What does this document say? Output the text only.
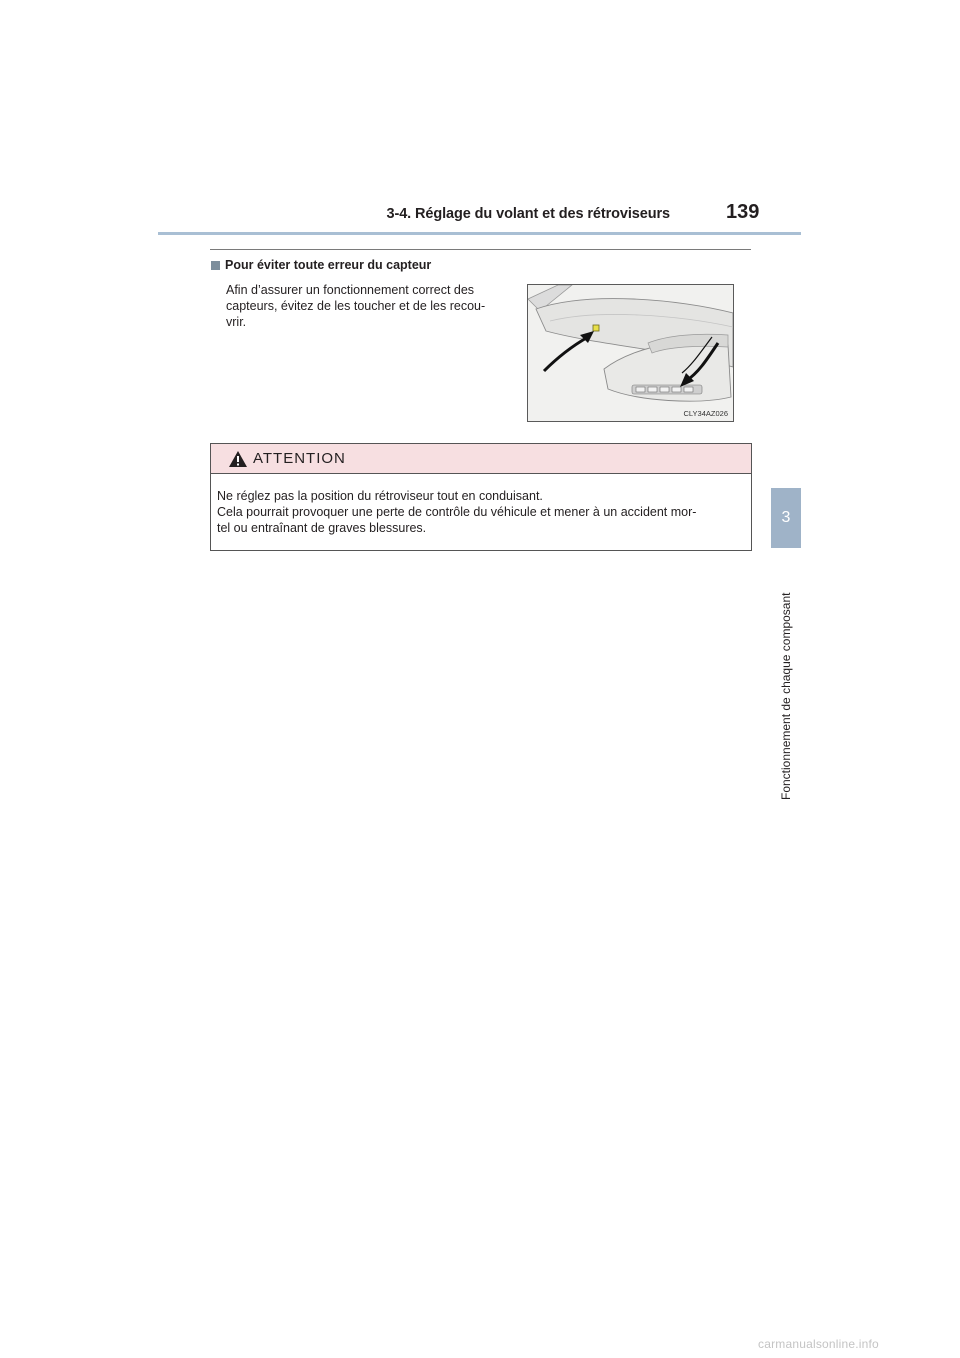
3-4. Réglage du volant et des rétroviseurs	139
3
Fonctionnement de chaque composant
Pour éviter toute erreur du capteur
Afin d’assurer un fonctionnement correct des
capteurs, évitez de les toucher et de les recou-
vrir.
CLY34AZ026
ATTENTION
Ne réglez pas la position du rétroviseur tout en conduisant.
Cela pourrait provoquer une perte de contrôle du véhicule et mener à un accident mor-
tel ou entraînant de graves blessures.
carmanualsonline.info
